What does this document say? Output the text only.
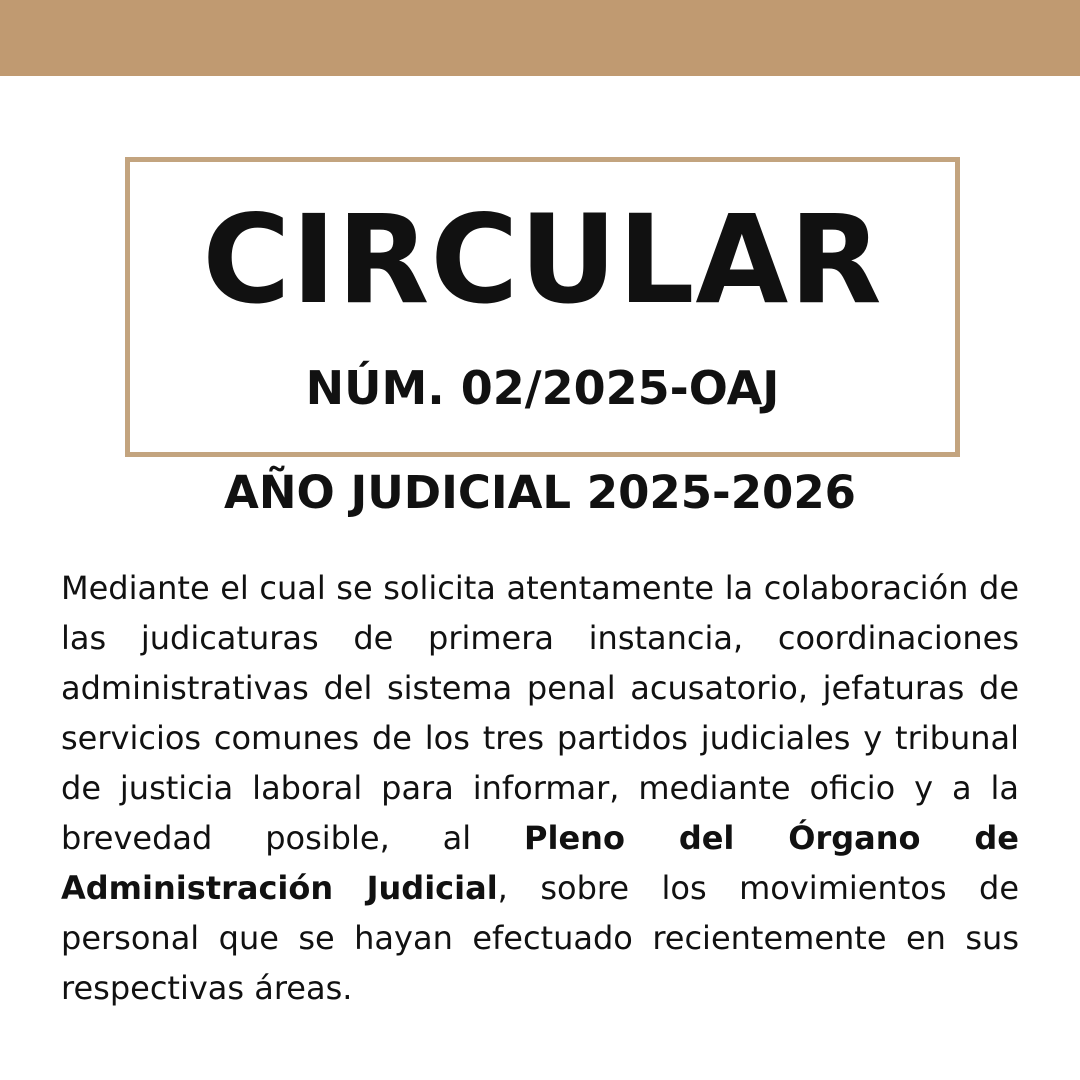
CIRCULAR
NÚM. 02/2025-OAJ
AÑO JUDICIAL 2025-2026
Mediante el cual se solicita atentamente la colaboración de las judicaturas de primera instancia, coordinaciones administrativas del sistema penal acusatorio, jefaturas de servicios comunes de los tres partidos judiciales y tribunal de justicia laboral para informar, mediante oficio y a la brevedad posible, al Pleno del Órgano de Administración Judicial, sobre los movimientos de personal que se hayan efectuado recientemente en sus respectivas áreas.
